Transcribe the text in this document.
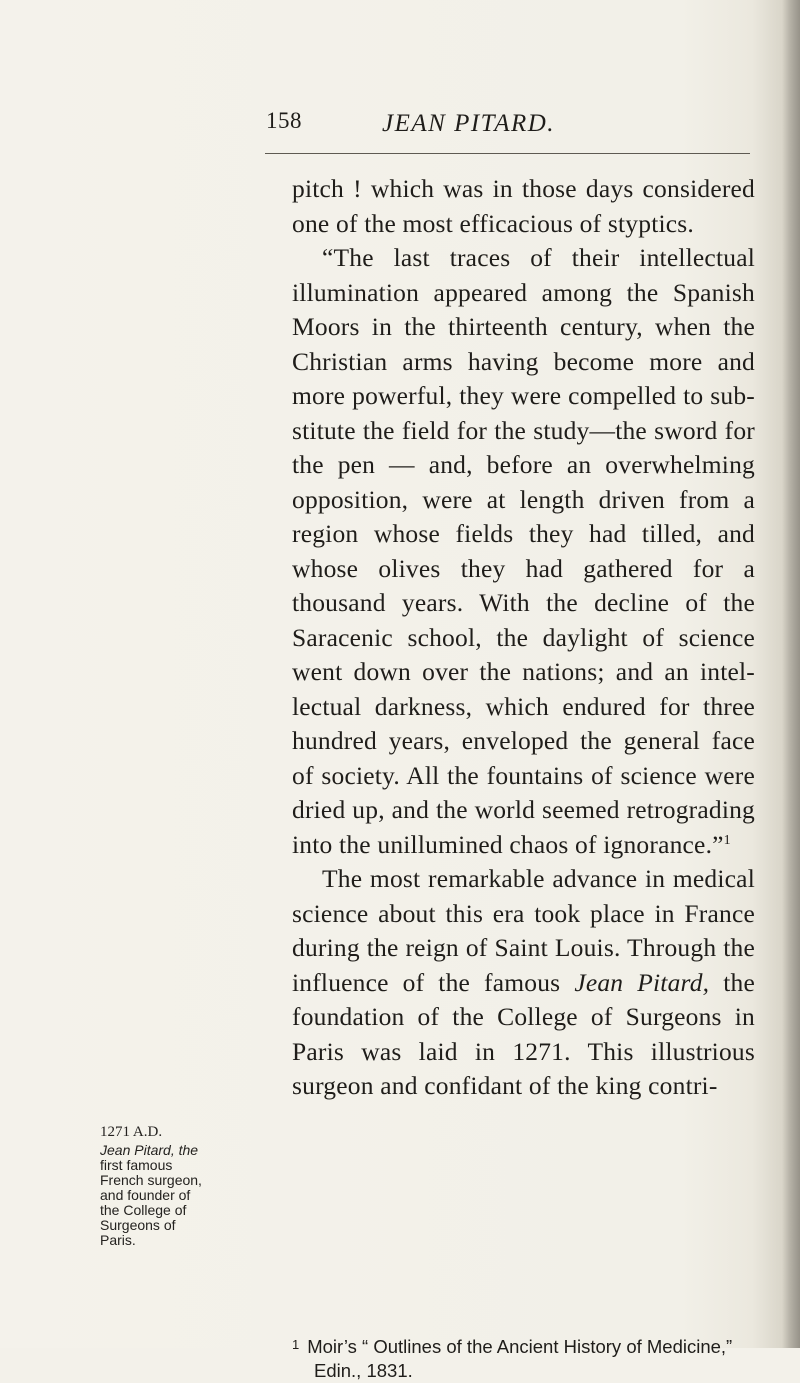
158	JEAN PITARD.

pitch ! which was in those days considered one of the most efficacious of styptics.

“The last traces of their intellectual illumination appeared among the Spanish Moors in the thirteenth century, when the Christian arms having become more and more powerful, they were compelled to sub-stitute the field for the study—the sword for the pen — and, before an overwhelming opposition, were at length driven from a region whose fields they had tilled, and whose olives they had gathered for a thousand years. With the decline of the Saracenic school, the daylight of science went down over the nations; and an intel-lectual darkness, which endured for three hundred years, enveloped the general face of society. All the fountains of science were dried up, and the world seemed retrograding into the unillumined chaos of ignorance.”$^1$

The most remarkable advance in medical science about this era took place in France during the reign of Saint Louis. Through the influence of the famous Jean Pitard, the foundation of the College of Surgeons in Paris was laid in 1271. This illustrious surgeon and confidant of the king contri-

1271 A.D.
Jean Pitard, the
first famous
French surgeon,
and founder of
the College of
Surgeons of
Paris.
$^1$ Moir’s “ Outlines of the Ancient History of Medicine,” Edin., 1831.
